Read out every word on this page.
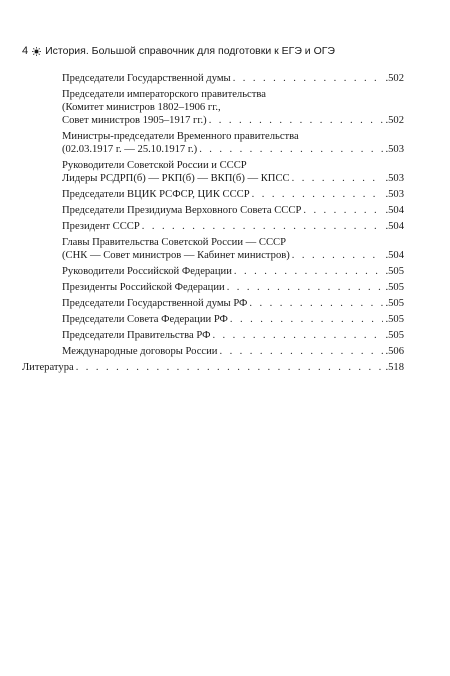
4 История. Большой справочник для подготовки к ЕГЭ и ОГЭ
Председатели Государственной думы . . .	.502
Председатели императорского правительства
(Комитет министров 1802–1906 гг.,
Совет министров 1905–1917 гг.) . . .	.502
Министры-председатели Временного правительства
(02.03.1917 г. — 25.10.1917 г.) . . .	.503
Руководители Советской России и СССР
Лидеры РСДРП(б) — РКП(б) — ВКП(б) — КПСС . . .	.503
Председатели ВЦИК РСФСР, ЦИК СССР . . .	.503
Председатели Президиума Верховного Совета СССР . . .	.504
Президент СССР . . .	.504
Главы Правительства Советской России — СССР
(СНК — Совет министров — Кабинет министров) . . .	.504
Руководители Российской Федерации . . .	.505
Президенты Российской Федерации . . .	.505
Председатели Государственной думы РФ . . .	.505
Председатели Совета Федерации РФ . . .	.505
Председатели Правительства РФ . . .	.505
Международные договоры России . . .	.506
Литература . . .	.518
